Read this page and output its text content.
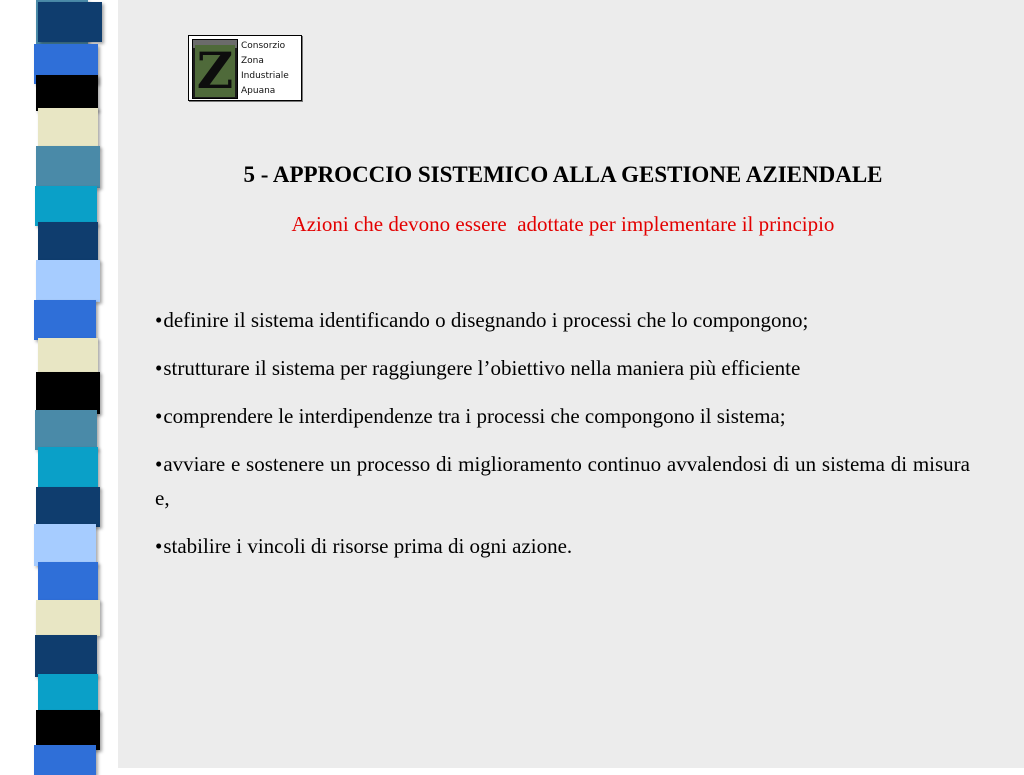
Z Consorzio
Zona
Industriale
Apuana
5 - APPROCCIO SISTEMICO ALLA GESTIONE AZIENDALE

Azioni che devono essere  adottate per implementare il principio

•definire il sistema identificando o disegnando i processi che lo compongono;
•strutturare il sistema per raggiungere l’obiettivo nella maniera più efficiente
•comprendere le interdipendenze tra i processi che compongono il sistema;
•avviare e sostenere un processo di miglioramento continuo avvalendosi di un sistema di misura e,
•stabilire i vincoli di risorse prima di ogni azione.
